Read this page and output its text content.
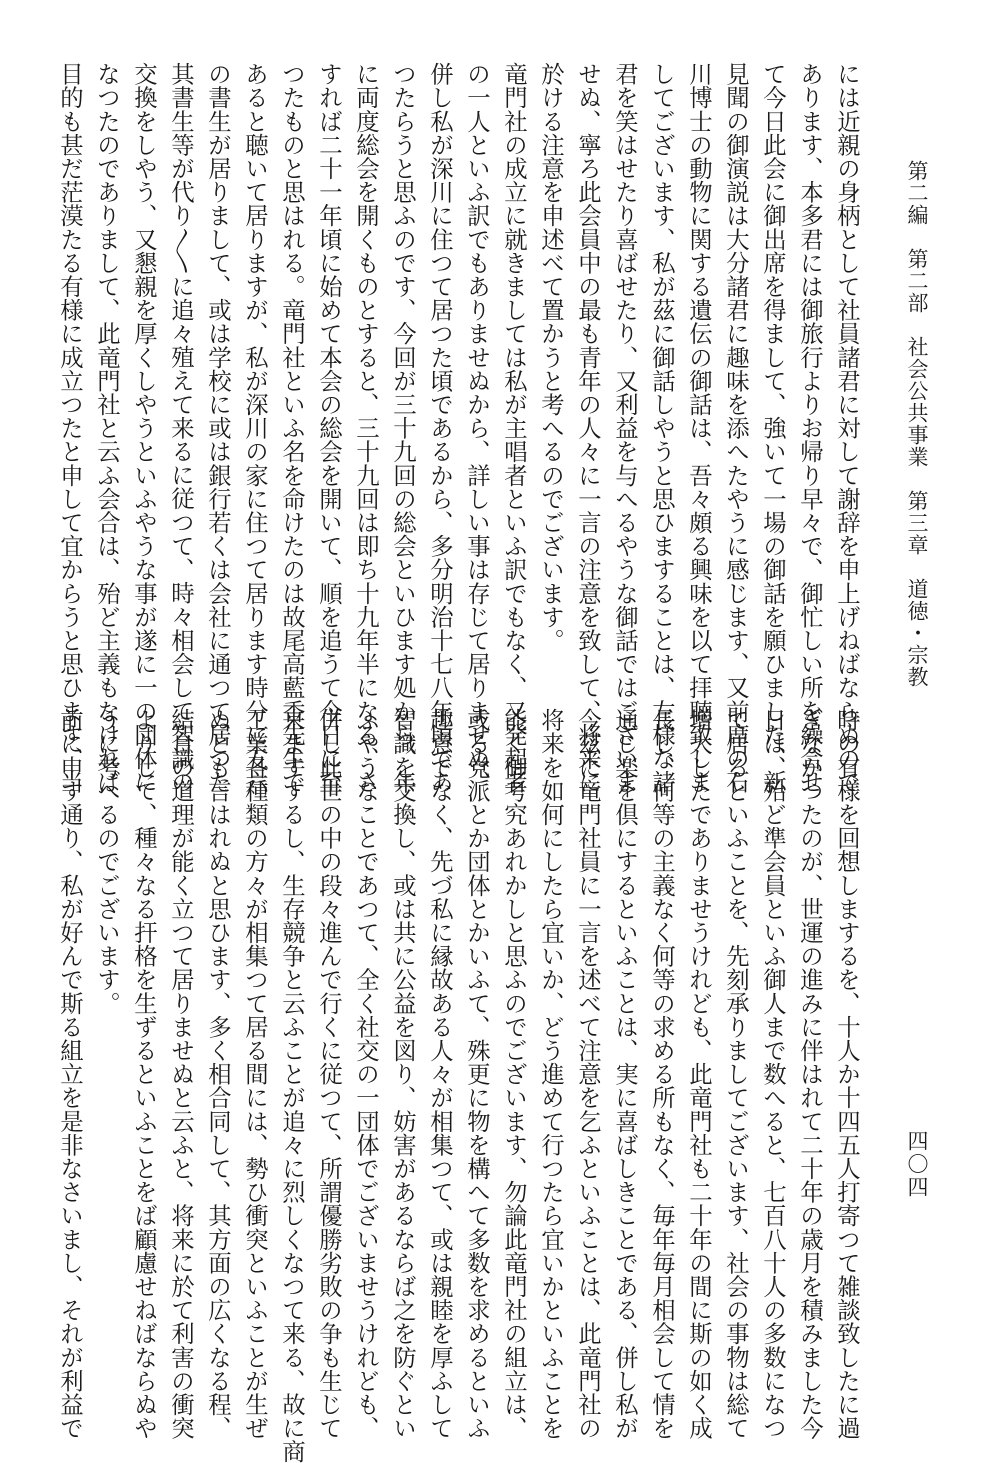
第二編　第二部　社会公共事業　第三章　道徳・宗教
四〇四
には近親の身柄として社員諸君に対して謝辞を申上げねばならぬので
あります、本多君には御旅行よりお帰り早々で、御忙しい所を繰合せ
て今日此会に御出席を得まして、強いて一場の御話を願ひました、新
見聞の御演説は大分諸君に趣味を添へたやうに感じます、又前席の石
川博士の動物に関する遺伝の御話は、吾々頗る興味を以て拝聴致しま
してございます、私が茲に御話しやうと思ひますることは、左様な諸
君を笑はせたり喜ばせたり、又利益を与へるやうな御話ではございま
せぬ、寧ろ此会員中の最も青年の人々に一言の注意を致して、将来に
於ける注意を申述べて置かうと考へるのでございます。
竜門社の成立に就きましては私が主唱者といふ訳でもなく、又発起者
の一人といふ訳でもありませぬから、詳しい事は存じて居りませぬ、
併し私が深川に住つて居つた頃であるから、多分明治十七八年頃であ
つたらうと思ふのです、今回が三十九回の総会といひます処から、年
に両度総会を開くものとすると、三十九回は即ち十九年半になる、さ
すれば二十一年頃に始めて本会の総会を開いて、順を追うて今日に至
つたものと思はれる。竜門社といふ名を命けたのは故尾高藍香先生で
あると聴いて居りますが、私が深川の家に住つて居ります時分に五六
の書生が居りまして、或は学校に或は銀行若くは会社に通つて居つた
其書生等が代り〳〵に追々殖えて来るに従つて、時々相会して智識の
交換をしやう、又懇親を厚くしやうといふやうな事が遂に一の団体に
なつたのでありまして、此竜門社と云ふ会合は、殆ど主義もなければ
目的も甚だ茫漠たる有様に成立つたと申して宜からうと思ひます、当
時の有様を回想しまするを、十人か十四五人打寄つて雑談致したに過
ぎなかつたのが、世運の進みに伴はれて二十年の歳月を積みました今
日は、殆ど準会員といふ御人まで数へると、七百八十人の多数になつ
て居るといふことを、先刻承りましてございます、社会の事物は総て
増大したでありませうけれども、此竜門社も二十年の間に斯の如く成
長し、何等の主義なく何等の求める所もなく、毎年毎月相会して情を
通じ楽を倶にするといふことは、実に喜ばしきことである、併し私が
今茲に竜門社員に一言を述べて注意を乞ふといふことは、此竜門社の
将来を如何にしたら宜いか、どう進めて行つたら宜いかといふことを
能く御考究あれかしと思ふのでございます、勿論此竜門社の組立は、
或る党派とか団体とかいふて、殊更に物を構へて多数を求めるといふ
趣意でなく、先づ私に縁故ある人々が相集つて、或は親睦を厚ふして
智識を交換し、或は共に公益を図り、妨害があるならば之を防ぐとい
ふやうなことであつて、全く社交の一団体でございませうけれども、
併し此世の中の段々進んで行くに従つて、所謂優勝劣敗の争も生じて
来ますするし、生存競争と云ふことが追々に烈しくなつて来る、故に商
工業各種類の方々が相集つて居る間には、勢ひ衝突といふことが生ぜ
ぬとも言はれぬと思ひます、多く相合同して、其方面の広くなる程、
結合の道理が能く立つて居りませぬと云ふと、将来に於て利害の衝突
よりして、種々なる扞格を生ずるといふことをば顧慮せねばならぬや
うに考へるのでございます。
前に申す通り、私が好んで斯る組立を是非なさいまし、それが利益で
